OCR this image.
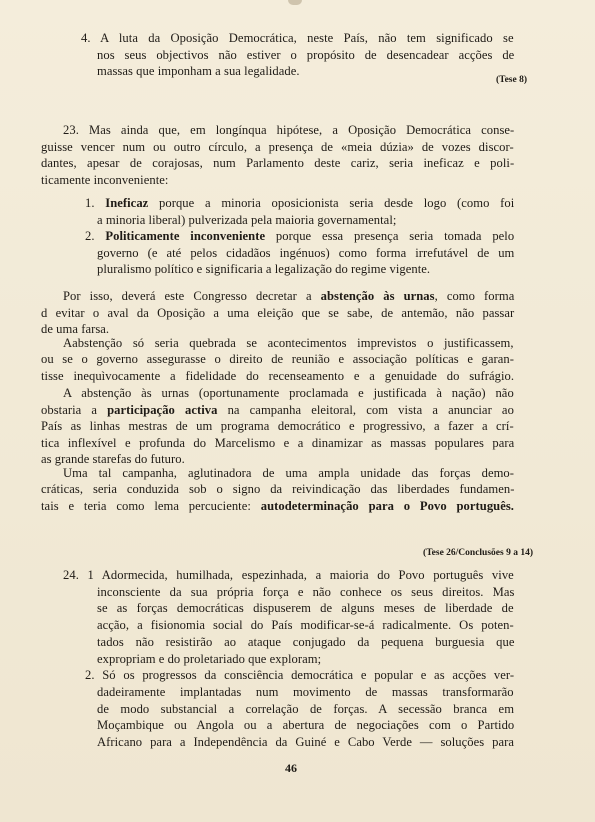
4. A luta da Oposição Democrática, neste País, não tem significado se
nos seus objectivos não estiver o propósito de desencadear acções de
massas que imponham a sua legalidade.
(Tese 8)
23. Mas ainda que, em longínqua hipótese, a Oposição Democrática conse-
guisse vencer num ou outro círculo, a presença de «meia dúzia» de vozes discor-
dantes, apesar de corajosas, num Parlamento deste cariz, seria ineficaz e poli-
ticamente inconveniente:
1. Ineficaz porque a minoria oposicionista seria desde logo (como foi
a minoria liberal) pulverizada pela maioria governamental;
2. Politicamente inconveniente porque essa presença seria tomada pelo
governo (e até pelos cidadãos ingénuos) como forma irrefutável de um
pluralismo político e significaria a legalização do regime vigente.
Por isso, deverá este Congresso decretar a abstenção às urnas, como forma
d evitar o aval da Oposição a uma eleição que se sabe, de antemão, não passar
de uma farsa.
Aabstenção só seria quebrada se acontecimentos imprevistos o justificassem,
ou se o governo assegurasse o direito de reunião e associação políticas e garan-
tisse inequìvocamente a fidelidade do recenseamento e a genuidade do sufrágio.
A abstenção às urnas (oportunamente proclamada e justificada à nação) não
obstaria a participação activa na campanha eleitoral, com vista a anunciar ao
País as linhas mestras de um programa democrático e progressivo, a fazer a crí-
tica inflexível e profunda do Marcelismo e a dinamizar as massas populares para
as grande starefas do futuro.
Uma tal campanha, aglutinadora de uma ampla unidade das forças demo-
cráticas, seria conduzida sob o signo da reivindicação das liberdades fundamen-
tais e teria como lema percuciente: autodeterminação para o Povo português.
(Tese 26/Conclusões 9 a 14)
24. 1 Adormecida, humilhada, espezinhada, a maioria do Povo português vive
inconsciente da sua própria força e não conhece os seus direitos. Mas
se as forças democráticas dispuserem de alguns meses de liberdade de
acção, a fisionomia social do País modificar-se-á radicalmente. Os poten-
tados não resistirão ao ataque conjugado da pequena burguesia que
expropriam e do proletariado que exploram;
2. Só os progressos da consciência democrática e popular e as acções ver-
dadeiramente implantadas num movimento de massas transformarão
de modo substancial a correlação de forças. A secessão branca em
Moçambique ou Angola ou a abertura de negociações com o Partido
Africano para a Independência da Guiné e Cabo Verde — soluções para
46
